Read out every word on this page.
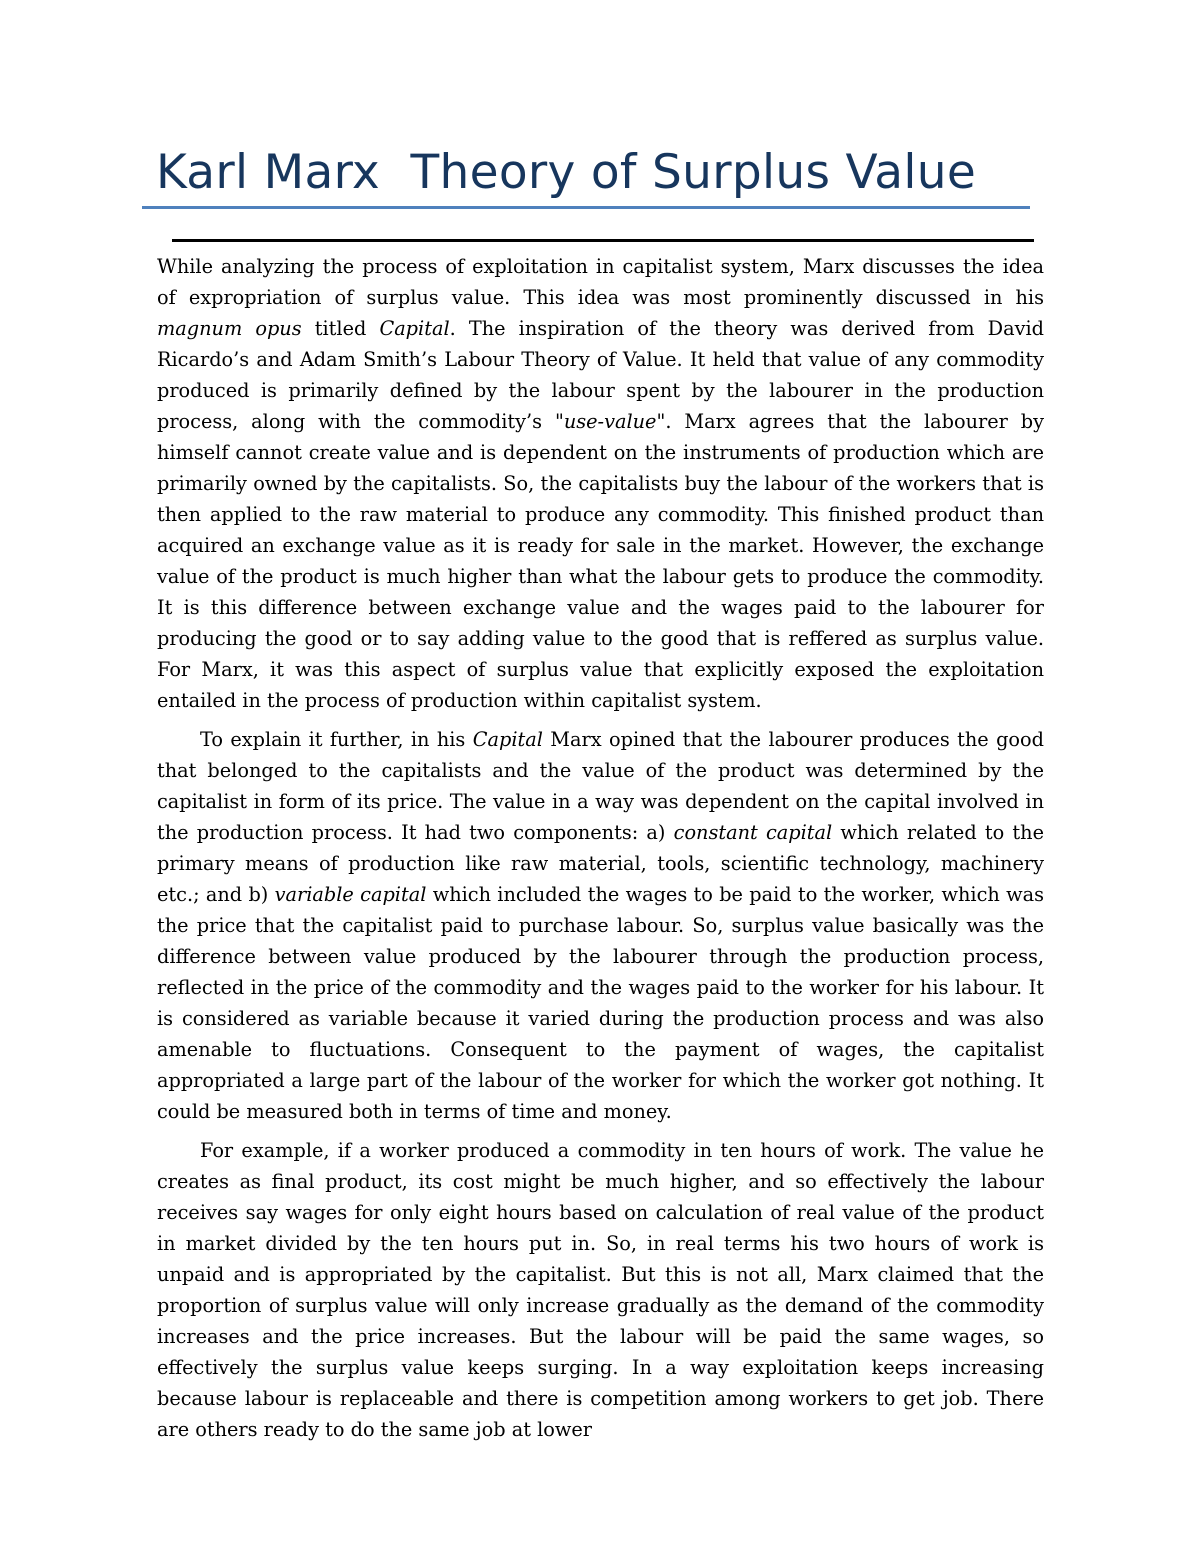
Karl Marx  Theory of Surplus Value

While analyzing the process of exploitation in capitalist system, Marx discusses the idea of expropriation of surplus value. This idea was most prominently discussed in his magnum opus titled Capital. The inspiration of the theory was derived from David Ricardo’s and Adam Smith’s Labour Theory of Value. It held that value of any commodity produced is primarily defined by the labour spent by the labourer in the production process, along with the commodity’s "use-value". Marx agrees that the labourer by himself cannot create value and is dependent on the instruments of production which are primarily owned by the capitalists. So, the capitalists buy the labour of the workers that is then applied to the raw material to produce any commodity. This finished product than acquired an exchange value as it is ready for sale in the market. However, the exchange value of the product is much higher than what the labour gets to produce the commodity. It is this difference between exchange value and the wages paid to the labourer for producing the good or to say adding value to the good that is reffered as surplus value. For Marx, it was this aspect of surplus value that explicitly exposed the exploitation entailed in the process of production within capitalist system.

To explain it further, in his Capital Marx opined that the labourer produces the good that belonged to the capitalists and the value of the product was determined by the capitalist in form of its price. The value in a way was dependent on the capital involved in the production process. It had two components: a) constant capital which related to the primary means of production like raw material, tools, scientific technology, machinery etc.; and b) variable capital which included the wages to be paid to the worker, which was the price that the capitalist paid to purchase labour. So, surplus value basically was the difference between value produced by the labourer through the production process, reflected in the price of the commodity and the wages paid to the worker for his labour. It is considered as variable because it varied during the production process and was also amenable to fluctuations. Consequent to the payment of wages, the capitalist appropriated a large part of the labour of the worker for which the worker got nothing. It could be measured both in terms of time and money.

For example, if a worker produced a commodity in ten hours of work. The value he creates as final product, its cost might be much higher, and so effectively the labour receives say wages for only eight hours based on calculation of real value of the product in market divided by the ten hours put in. So, in real terms his two hours of work is unpaid and is appropriated by the capitalist. But this is not all, Marx claimed that the proportion of surplus value will only increase gradually as the demand of the commodity increases and the price increases. But the labour will be paid the same wages, so effectively the surplus value keeps surging. In a way exploitation keeps increasing because labour is replaceable and there is competition among workers to get job. There are others ready to do the same job at lower
